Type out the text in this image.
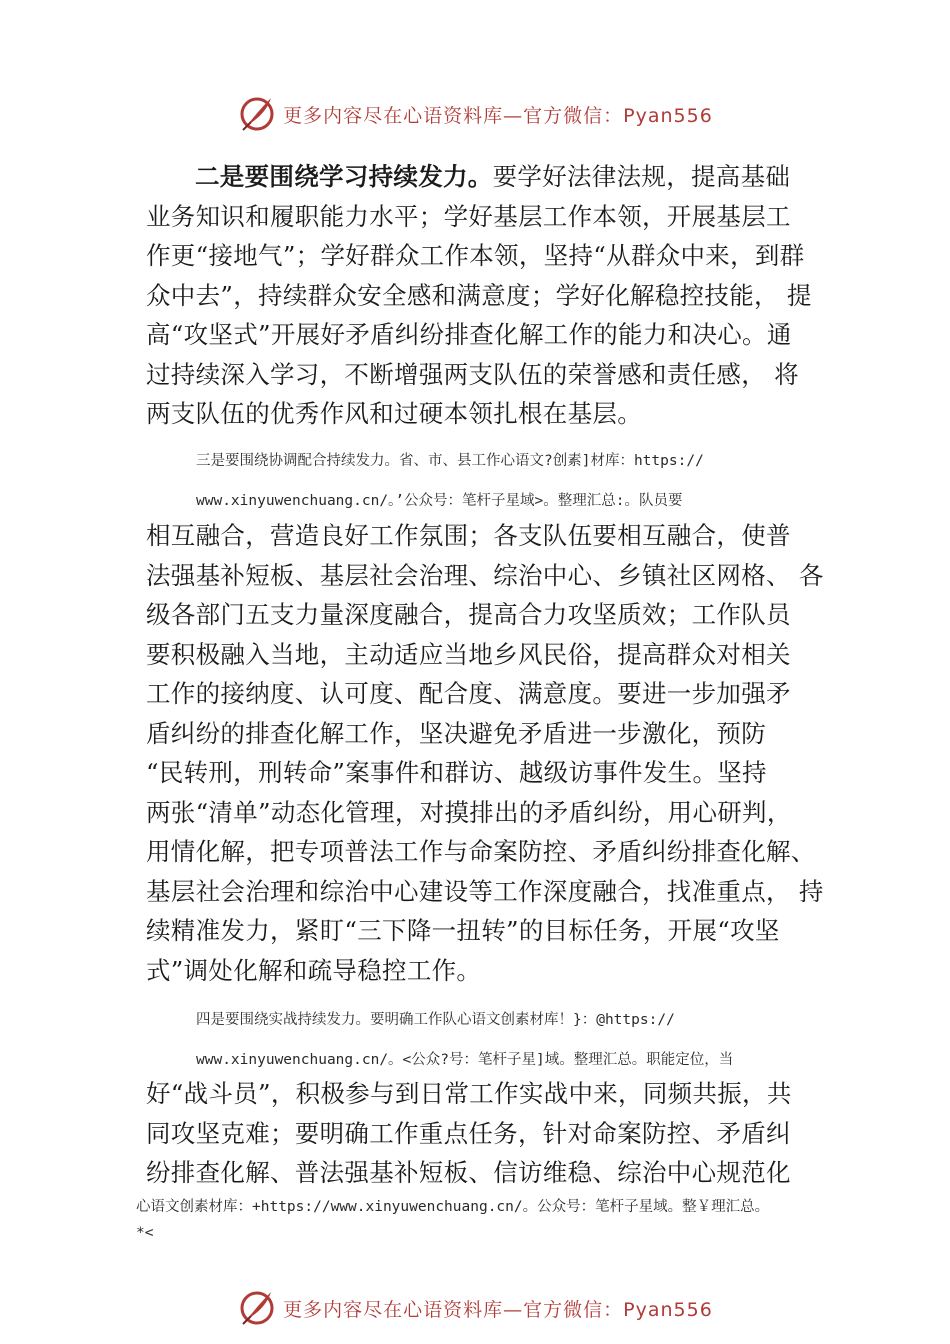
更多内容尽在心语资料库—官方微信：Pyan556
二是要围绕学习持续发力。要学好法律法规，提高基础
业务知识和履职能力水平；学好基层工作本领，开展基层工
作更“接地气”；学好群众工作本领，坚持“从群众中来，到群
众中去”，持续群众安全感和满意度；学好化解稳控技能， 提
高“攻坚式”开展好矛盾纠纷排查化解工作的能力和决心。通
过持续深入学习，不断增强两支队伍的荣誉感和责任感， 将
两支队伍的优秀作风和过硬本领扎根在基层。
三是要围绕协调配合持续发力。省、市、县工作心语文?创素]材库：https://
www.xinyuwenchuang.cn/。’公众号：笔杆子星域>。整理汇总:。队员要
相互融合，营造良好工作氛围；各支队伍要相互融合，使普
法强基补短板、基层社会治理、综治中心、乡镇社区网格、 各
级各部门五支力量深度融合，提高合力攻坚质效；工作队员
要积极融入当地，主动适应当地乡风民俗，提高群众对相关
工作的接纳度、认可度、配合度、满意度。要进一步加强矛
盾纠纷的排查化解工作，坚决避免矛盾进一步激化，预防
“民转刑，刑转命”案事件和群访、越级访事件发生。坚持
两张“清单”动态化管理，对摸排出的矛盾纠纷，用心研判，
用情化解，把专项普法工作与命案防控、矛盾纠纷排查化解、
基层社会治理和综治中心建设等工作深度融合，找准重点， 持
续精准发力，紧盯“三下降一扭转”的目标任务，开展“攻坚
式”调处化解和疏导稳控工作。
四是要围绕实战持续发力。要明确工作队心语文创素材库！}：@https://
www.xinyuwenchuang.cn/。<公众?号：笔杆子星]域。整理汇总。职能定位，当
好“战斗员”，积极参与到日常工作实战中来，同频共振，共
同攻坚克难；要明确工作重点任务，针对命案防控、矛盾纠
纷排查化解、普法强基补短板、信访维稳、综治中心规范化
心语文创素材库：+https://www.xinyuwenchuang.cn/。公众号：笔杆子星域。整￥理汇总。
*<
更多内容尽在心语资料库—官方微信：Pyan556
